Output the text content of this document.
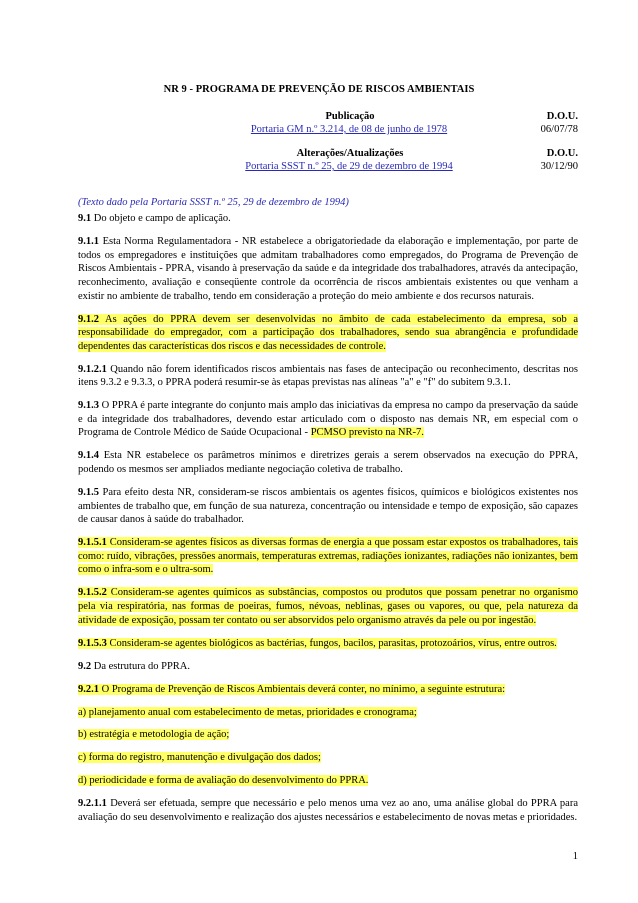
NR 9 - PROGRAMA DE PREVENÇÃO DE RISCOS AMBIENTAIS
Publicação	D.O.U.
Portaria GM n.º 3.214, de 08 de junho de 1978	06/07/78
Alterações/Atualizações	D.O.U.
Portaria SSST n.º 25, de 29 de dezembro de 1994	30/12/90

(Texto dado pela Portaria SSST n.º 25, 29 de dezembro de 1994)

9.1 Do objeto e campo de aplicação.

9.1.1 Esta Norma Regulamentadora - NR estabelece a obrigatoriedade da elaboração e implementação, por parte de todos os empregadores e instituições que admitam trabalhadores como empregados, do Programa de Prevenção de Riscos Ambientais - PPRA, visando à preservação da saúde e da integridade dos trabalhadores, através da antecipação, reconhecimento, avaliação e conseqüente controle da ocorrência de riscos ambientais existentes ou que venham a existir no ambiente de trabalho, tendo em consideração a proteção do meio ambiente e dos recursos naturais.

9.1.2 As ações do PPRA devem ser desenvolvidas no âmbito de cada estabelecimento da empresa, sob a responsabilidade do empregador, com a participação dos trabalhadores, sendo sua abrangência e profundidade dependentes das características dos riscos e das necessidades de controle.

9.1.2.1 Quando não forem identificados riscos ambientais nas fases de antecipação ou reconhecimento, descritas nos itens 9.3.2 e 9.3.3, o PPRA poderá resumir-se às etapas previstas nas alíneas "a" e "f" do subitem 9.3.1.

9.1.3 O PPRA é parte integrante do conjunto mais amplo das iniciativas da empresa no campo da preservação da saúde e da integridade dos trabalhadores, devendo estar articulado com o disposto nas demais NR, em especial com o Programa de Controle Médico de Saúde Ocupacional - PCMSO previsto na NR-7.

9.1.4 Esta NR estabelece os parâmetros mínimos e diretrizes gerais a serem observados na execução do PPRA, podendo os mesmos ser ampliados mediante negociação coletiva de trabalho.

9.1.5 Para efeito desta NR, consideram-se riscos ambientais os agentes físicos, químicos e biológicos existentes nos ambientes de trabalho que, em função de sua natureza, concentração ou intensidade e tempo de exposição, são capazes de causar danos à saúde do trabalhador.

9.1.5.1 Consideram-se agentes físicos as diversas formas de energia a que possam estar expostos os trabalhadores, tais como: ruído, vibrações, pressões anormais, temperaturas extremas, radiações ionizantes, radiações não ionizantes, bem como o infra-som e o ultra-som.

9.1.5.2 Consideram-se agentes químicos as substâncias, compostos ou produtos que possam penetrar no organismo pela via respiratória, nas formas de poeiras, fumos, névoas, neblinas, gases ou vapores, ou que, pela natureza da atividade de exposição, possam ter contato ou ser absorvidos pelo organismo através da pele ou por ingestão.

9.1.5.3 Consideram-se agentes biológicos as bactérias, fungos, bacilos, parasitas, protozoários, vírus, entre outros.

9.2 Da estrutura do PPRA.

9.2.1 O Programa de Prevenção de Riscos Ambientais deverá conter, no mínimo, a seguinte estrutura:

a) planejamento anual com estabelecimento de metas, prioridades e cronograma;

b) estratégia e metodologia de ação;

c) forma do registro, manutenção e divulgação dos dados;

d) periodicidade e forma de avaliação do desenvolvimento do PPRA.

9.2.1.1 Deverá ser efetuada, sempre que necessário e pelo menos uma vez ao ano, uma análise global do PPRA para avaliação do seu desenvolvimento e realização dos ajustes necessários e estabelecimento de novas metas e prioridades.

1
